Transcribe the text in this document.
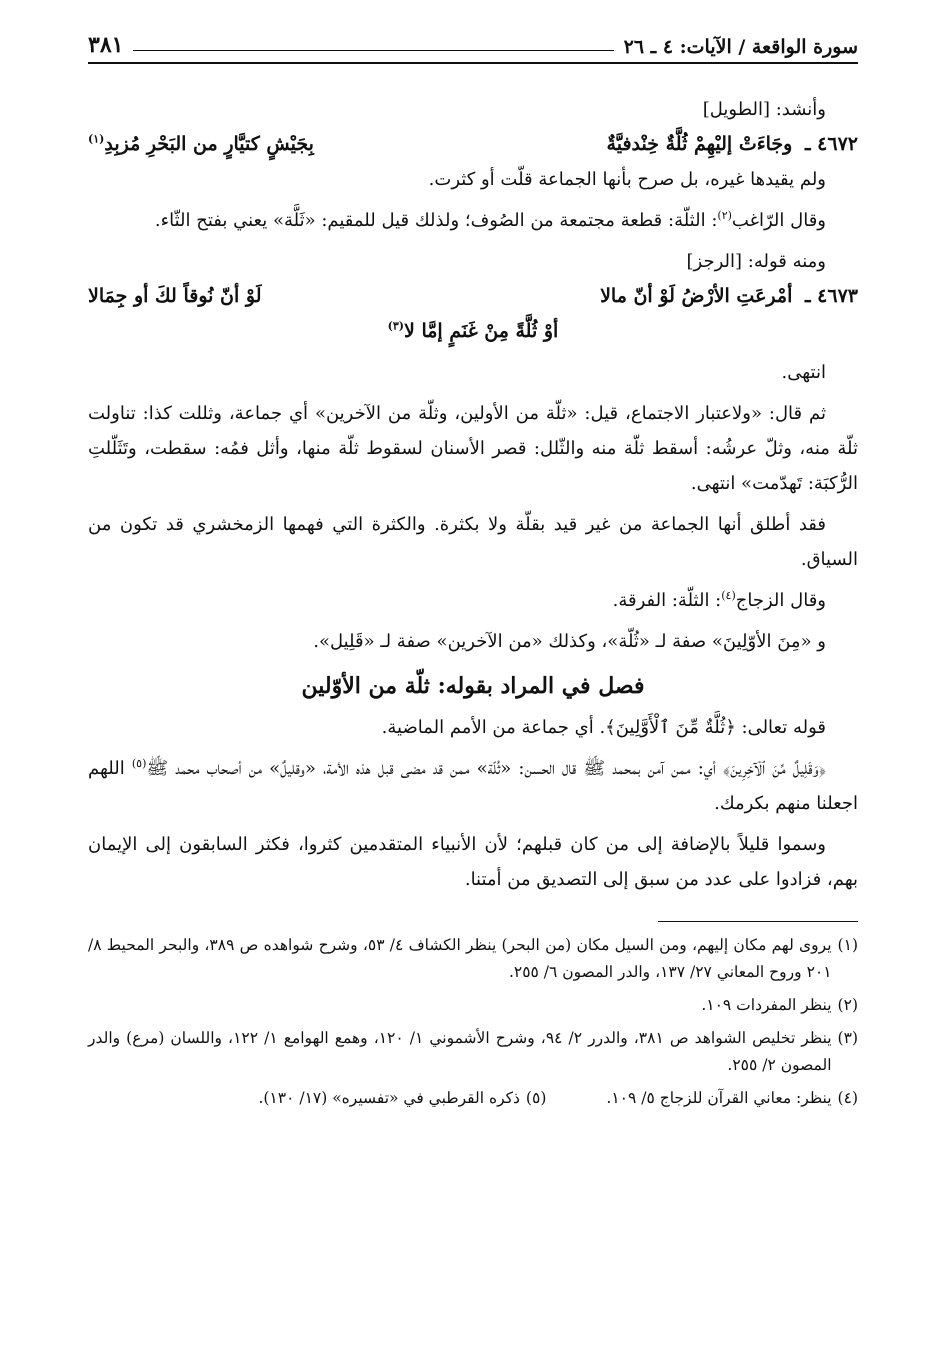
سورة الواقعة / الآيات: ٤ ـ ٢٦
٣٨١

وأنشد: [الطويل]

٤٦٧٢ ـ وجَاءَتْ إليْهِمْ ثُلَّةٌ خِنْدفيَّةٌ
بِجَيْشٍ كتيَّارٍ من البَحْرِ مُزبِدِ$^{(١)}$

ولم يقيدها غيره، بل صرح بأنها الجماعة قلّت أو كثرت.

وقال الرّاغب$^{(٢)}$: الثلّة: قطعة مجتمعة من الصُوف؛ ولذلك قيل للمقيم: «ثَلَّة» يعني بفتح الثّاء.

ومنه قوله: [الرجز]

٤٦٧٣ ـ أمْرعَتِ الأرْضُ لَوْ أنّ مالا
لَوْ أنّ نُوقاً لكَ أو جِمَالا
أوْ ثُلَّةً مِنْ غَنَمٍ إمَّا لا$^{(٣)}$

انتهى.

ثم قال: «ولاعتبار الاجتماع، قيل: «ثلّة من الأولين، وثلّة من الآخرين» أي جماعة، وثللت كذا: تناولت ثلّة منه، وثلّ عرشُه: أسقط ثلّة منه والثّلل: قصر الأسنان لسقوط ثلّة منها، وأثل فمُه: سقطت، وتَثَلّلتِ الرُّكبَة: تَهدّمت» انتهى.

فقد أطلق أنها الجماعة من غير قيد بقلّة ولا بكثرة. والكثرة التي فهمها الزمخشري قد تكون من السياق.

وقال الزجاج$^{(٤)}$: الثلّة: الفرقة.

و «مِنَ الأوّلِينَ» صفة لـ «ثُلّة»، وكذلك «من الآخرين» صفة لـ «قَلِيل».

فصل في المراد بقوله: ثلّة من الأوّلين

قوله تعالى: ﴿ثُلَّةٌ مِّنَ ٱلْأَوَّلِينَ﴾. أي جماعة من الأمم الماضية.

﴿وَقَلِيلٌ مِّنَ ٱلْآخِرِينَ﴾ أي: ممن آمن بمحمد ﷺ قال الحسن: «ثُلّة» ممن قد مضى قبل هذه الأمة، «وقليلٌ» من أصحاب محمد ﷺ$^{(٥)}$ اللهم اجعلنا منهم بكرمك.

وسموا قليلاً بالإضافة إلى من كان قبلهم؛ لأن الأنبياء المتقدمين كثروا، فكثر السابقون إلى الإيمان بهم، فزادوا على عدد من سبق إلى التصديق من أمتنا.

(١)
يروى لهم مكان إليهم، ومن السيل مكان (من البحر) ينظر الكشاف ٤/ ٥٣، وشرح شواهده ص ٣٨٩، والبحر المحيط ٨/ ٢٠١ وروح المعاني ٢٧/ ١٣٧، والدر المصون ٦/ ٢٥٥.
(٢)
ينظر المفردات ١٠٩.
(٣)
ينظر تخليص الشواهد ص ٣٨١، والدرر ٢/ ٩٤، وشرح الأشموني ١/ ١٢٠، وهمع الهوامع ١/ ١٢٢، واللسان (مرع) والدر المصون ٢/ ٢٥٥.
(٤)
ينظر: معاني القرآن للزجاج ٥/ ١٠٩.
(٥)
ذكره القرطبي في «تفسيره» (١٧/ ١٣٠).
